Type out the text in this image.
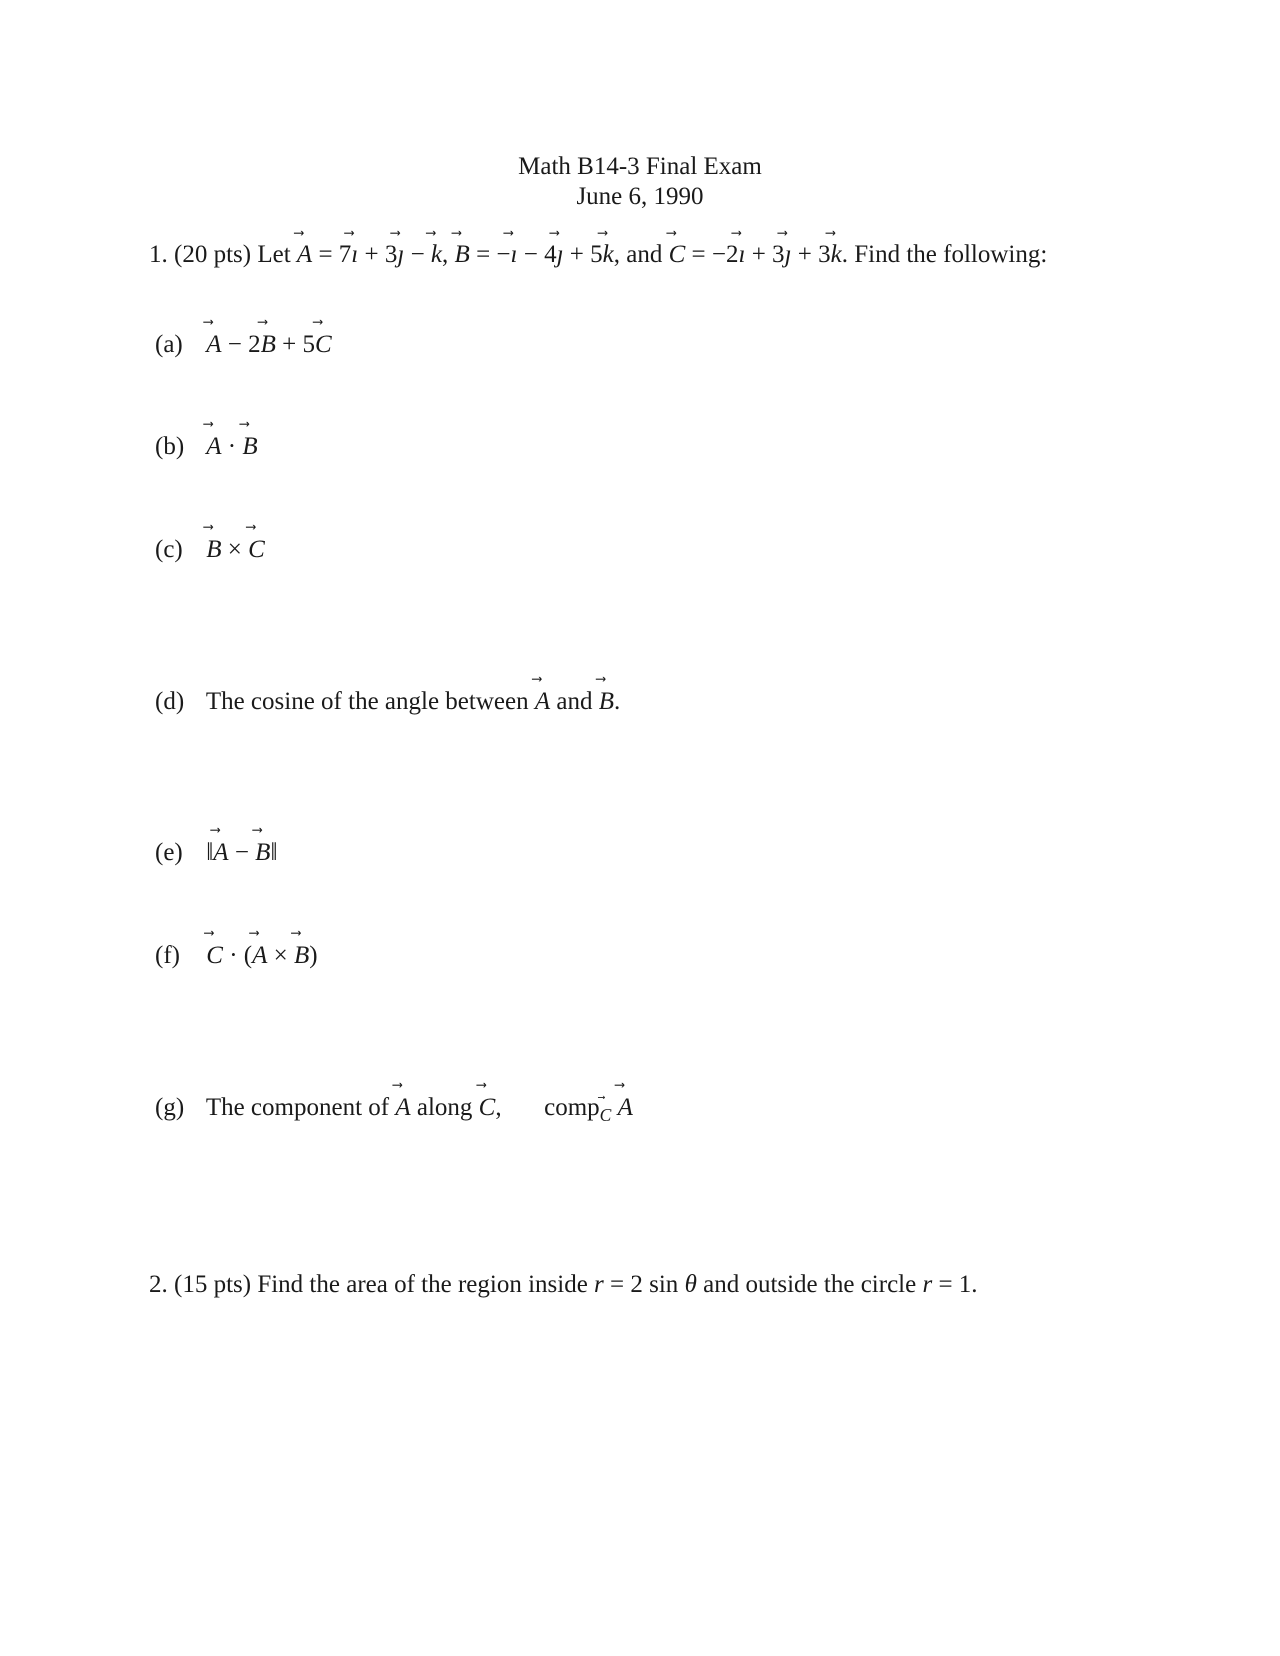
Math B14-3 Final Exam
June 6, 1990
1. (20 pts) Let ⃗ A = 7⃗ ı + 3⃗ ȷ − ⃗ k, ⃗ B = −⃗ ı − 4⃗ ȷ + 5⃗ k, and ⃗ C = −2⃗ ı + 3⃗ ȷ + 3⃗ k. Find the following:
(a) ⃗ A − 2⃗ B + 5⃗ C
(b) ⃗ A · ⃗ B
(c) ⃗ B × ⃗ C
(d) The cosine of the angle between ⃗ A and ⃗ B.
(e) ‖⃗ A − ⃗ B‖
(f) ⃗ C · (⃗ A × ⃗ B)
(g) The component of ⃗ A along ⃗ C, comp⃗ $_C$ ⃗ A
2. (15 pts) Find the area of the region inside r = 2 sin θ and outside the circle r = 1.
